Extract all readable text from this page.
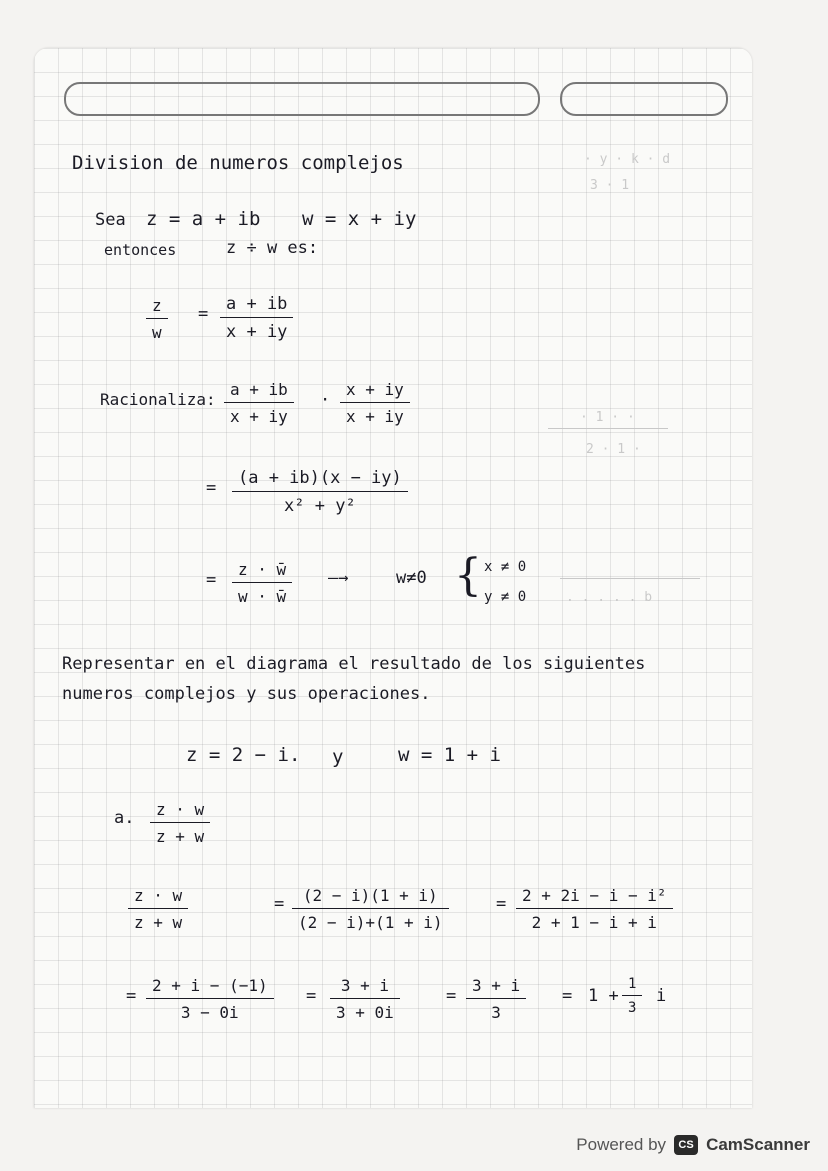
· y · k · d
3 · 1
· 1 · ·
2 · 1 ·
. . . . . b
Division de numeros complejos
Sea z = a + ib w = x + iy
entonces	z ÷ w es:
$\frac{z}{w} = \frac{a + ib}{x + iy}$
Racionaliza: $\frac{a + ib}{x + iy} \cdot \frac{x + iy}{x + iy}$
= $\frac{(a + ib)(x - iy)}{\text{x² + y²}}$
= $\frac{z \cdot w̄}{w \cdot w̄}$ —→	w≠0 { x ≠ 0
y ≠ 0
Representar en el diagrama el resultado de los siguientes
numeros complejos y sus operaciones.
z = 2 − i. y	w = 1 + i
a. $\frac{z \cdot w}{z + w}$
$\frac{z \cdot w}{z + w}$	= $\frac{(2 - i)(1 + i)}{(2 - i)+(1 + i)}$	= $\frac{\text{2 + 2i − i − i²}}{2 + 1 - i + i}$
= $\frac{2 + i - (-1)}{3 - 0i} = \frac{3 + i}{3 + 0i}$	= $\frac{3 + i}{3} = 1 + \frac{1}{3}$ i
Powered by	CS CamScanner
